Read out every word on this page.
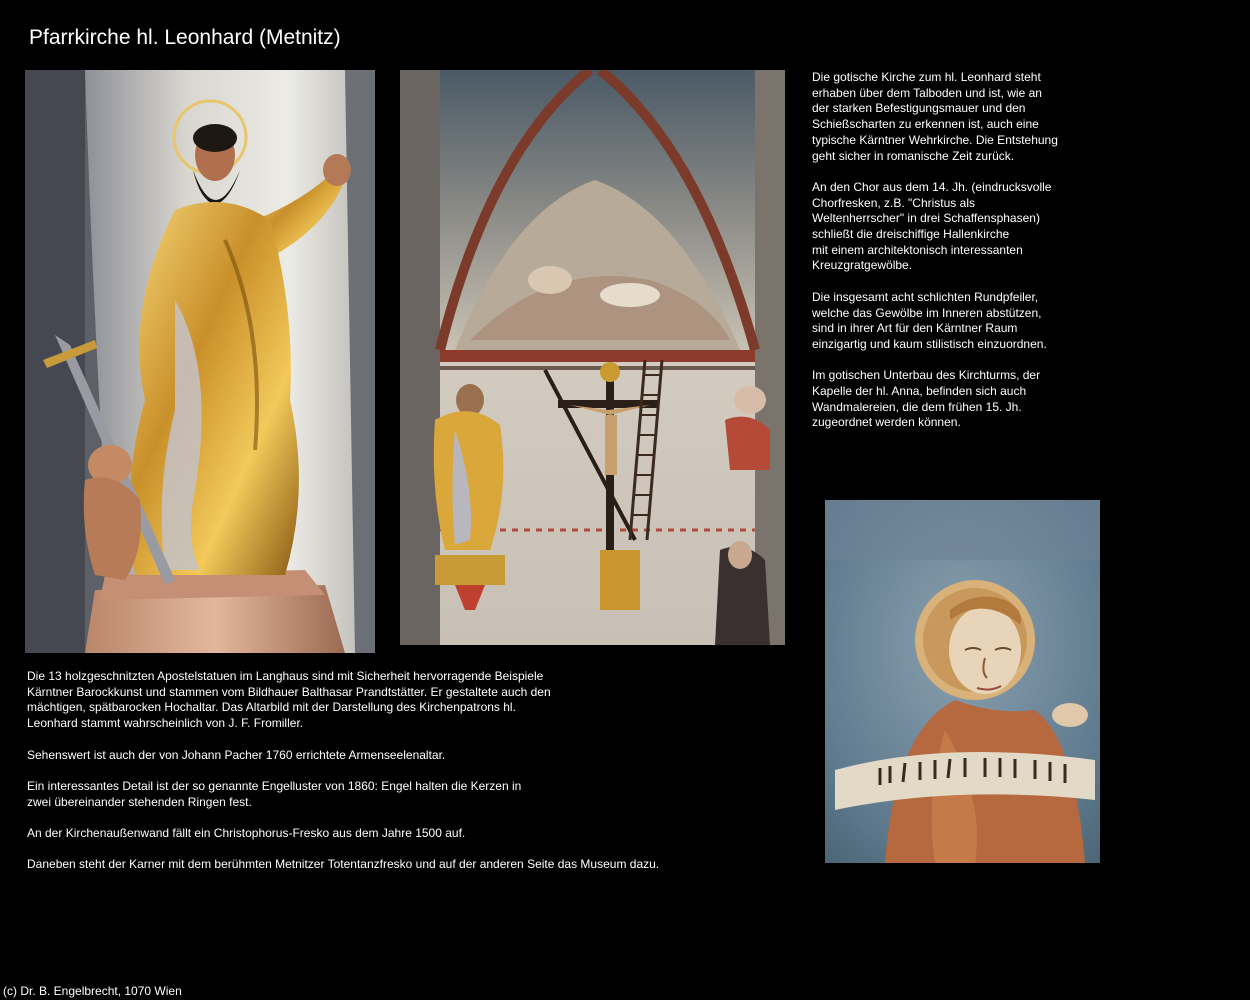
Pfarrkirche hl. Leonhard (Metnitz)

Die gotische Kirche zum hl. Leonhard steht
erhaben über dem Talboden und ist, wie an
der starken Befestigungsmauer und den
Schießscharten zu erkennen ist, auch eine
typische Kärntner Wehrkirche. Die Entstehung
geht sicher in romanische Zeit zurück.

An den Chor aus dem 14. Jh. (eindrucksvolle
Chorfresken, z.B. "Christus als
Weltenherrscher" in drei Schaffensphasen)
schließt die dreischiffige Hallenkirche
mit einem architektonisch interessanten
Kreuzgratgewölbe.

Die insgesamt acht schlichten Rundpfeiler,
welche das Gewölbe im Inneren abstützen,
sind in ihrer Art für den Kärntner Raum
einzigartig und kaum stilistisch einzuordnen.

Im gotischen Unterbau des Kirchturms, der
Kapelle der hl. Anna, befinden sich auch
Wandmalereien, die dem frühen 15. Jh.
zugeordnet werden können.

Die 13 holzgeschnitzten Apostelstatuen im Langhaus sind mit Sicherheit hervorragende Beispiele
Kärntner Barockkunst und stammen vom Bildhauer Balthasar Prandtstätter. Er gestaltete auch den
mächtigen, spätbarocken Hochaltar. Das Altarbild mit der Darstellung des Kirchenpatrons hl.
Leonhard stammt wahrscheinlich von J. F. Fromiller.

Sehenswert ist auch der von Johann Pacher 1760 errichtete Armenseelenaltar.

Ein interessantes Detail ist der so genannte Engelluster von 1860: Engel halten die Kerzen in
zwei übereinander stehenden Ringen fest.

An der Kirchenaußenwand fällt ein Christophorus-Fresko aus dem Jahre 1500 auf.

Daneben steht der Karner mit dem berühmten Metnitzer Totentanzfresko und auf der anderen Seite das Museum dazu.

(c) Dr. B. Engelbrecht, 1070 Wien
